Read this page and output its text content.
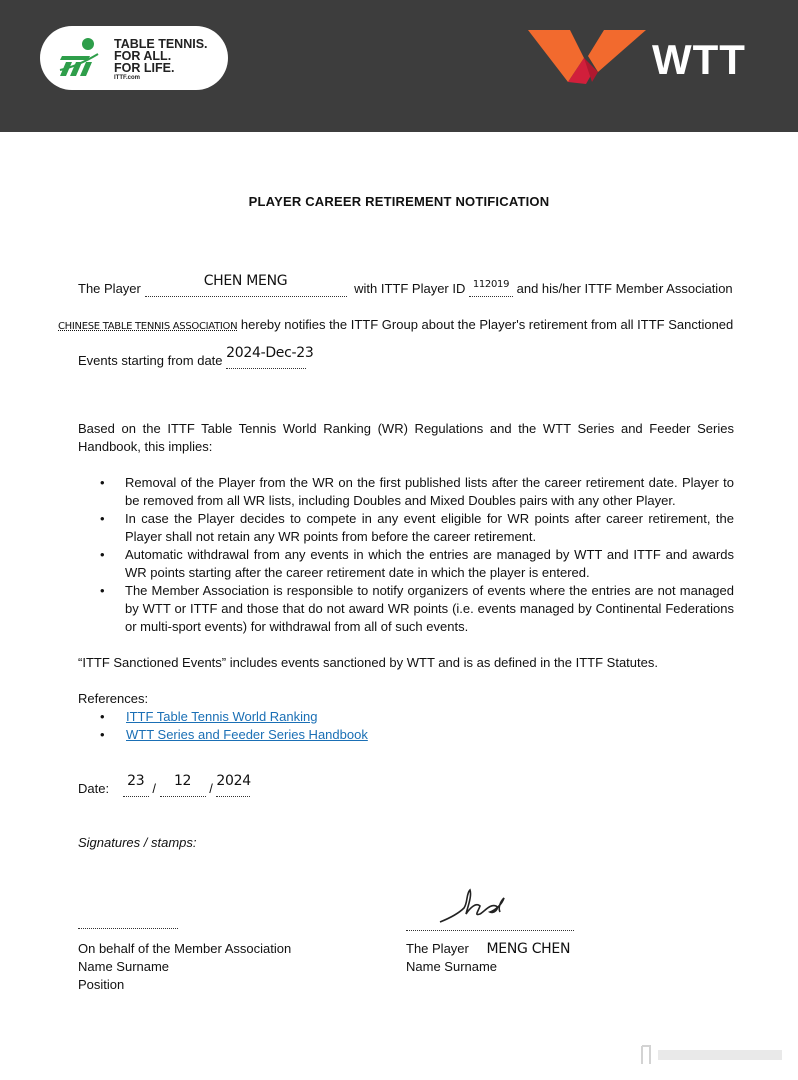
TABLE TENNIS.
FOR ALL.
FOR LIFE.
ITTF.com	WTT
PLAYER CAREER RETIREMENT NOTIFICATION
The Player	CHEN MENG	with ITTF Player ID $^{112019}$ and his/her ITTF Member Association
CHINESE TABLE TENNIS ASSOCIATION hereby notifies the ITTF Group about the Player's retirement from all ITTF Sanctioned
Events starting from date 2024-Dec-23
Based on the ITTF Table Tennis World Ranking (WR) Regulations and the WTT Series and Feeder Series Handbook, this implies:
• Removal of the Player from the WR on the first published lists after the career retirement date. Player to be removed from all WR lists, including Doubles and Mixed Doubles pairs with any other Player.
• In case the Player decides to compete in any event eligible for WR points after career retirement, the Player shall not retain any WR points from before the career retirement.
• Automatic withdrawal from any events in which the entries are managed by WTT and ITTF and awards WR points starting after the career retirement date in which the player is entered.
• The Member Association is responsible to notify organizers of events where the entries are not managed by WTT or ITTF and those that do not award WR points (i.e. events managed by Continental Federations or multi-sport events) for withdrawal from all of such events.
“ITTF Sanctioned Events” includes events sanctioned by WTT and is as defined in the ITTF Statutes.
References:
• ITTF Table Tennis World Ranking
• WTT Series and Feeder Series Handbook
Date: 23 / 12 / 2024
Signatures / stamps:
On behalf of the Member Association
Name Surname
Position
The Player MENG CHEN
Name Surname
